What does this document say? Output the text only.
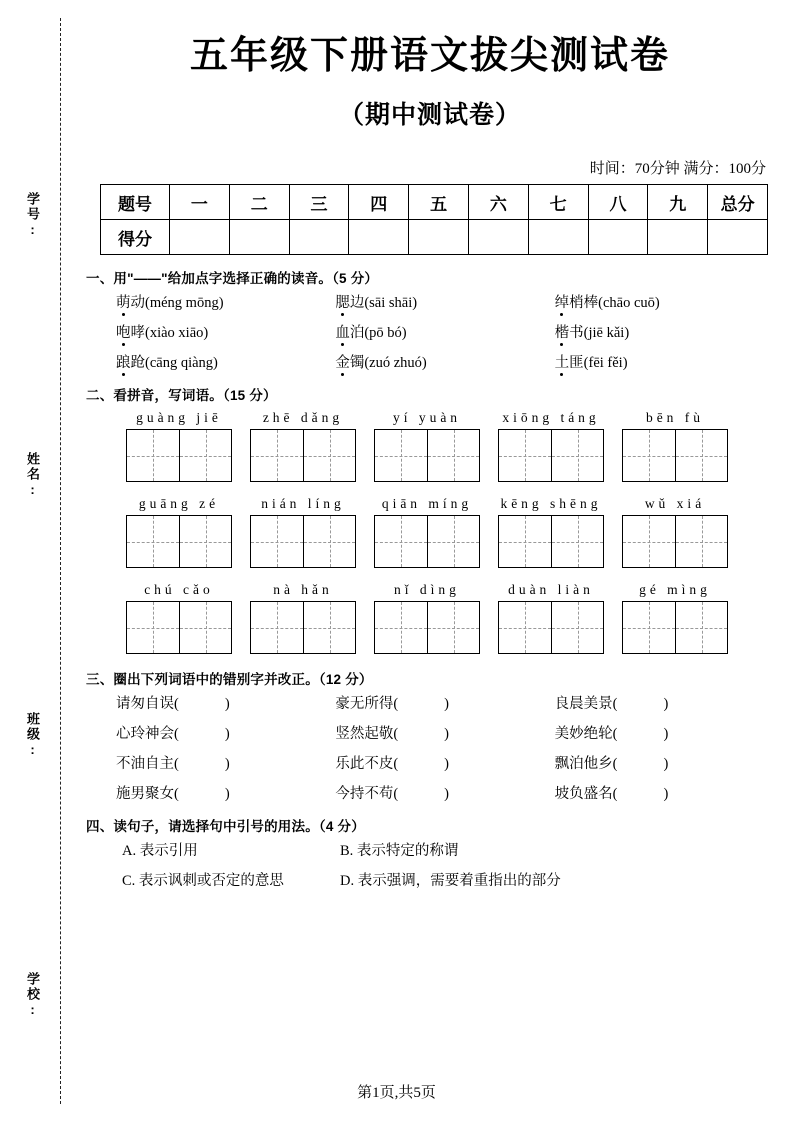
学号:
姓名:
班级:
学校:
五年级下册语文拔尖测试卷
（期中测试卷）
时间：70分钟 满分：100分
题号	一	二	三	四	五	六	七	八	九	总分
得分										
一、用"——"给加点字选择正确的读音。（5 分）
萌动(méng mōng)	腮边(sāi shāi)	绰梢棒(chāo cuō)
咆哮(xiào xiāo)	血泊(pō bó)	楷书(jiē kǎi)
踉跄(cāng qiàng)	金镯(zuó zhuó)	土匪(fēi fěi)
二、看拼音，写词语。（15 分）
guàng jiē	zhē dǎng	yí yuàn	xiōng táng	bēn fù
guāng zé	nián líng	qiān míng	kēng shēng	wǔ xiá
chú cǎo	nà hǎn	nǐ dìng	duàn liàn	gé mìng
三、圈出下列词语中的错别字并改正。（12 分）
请匆自误(	)	豪无所得(	)	良晨美景(	)
心玲神会(	)	竖然起敬(	)	美妙绝轮(	)
不油自主(	)	乐此不皮(	)	飘泊他乡(	)
施男聚女(	)	今持不苟(	)	坡负盛名(	)
四、读句子，请选择句中引号的用法。（4 分）
A. 表示引用	B. 表示特定的称谓
C. 表示讽刺或否定的意思	D. 表示强调，需要着重指出的部分
第1页,共5页
